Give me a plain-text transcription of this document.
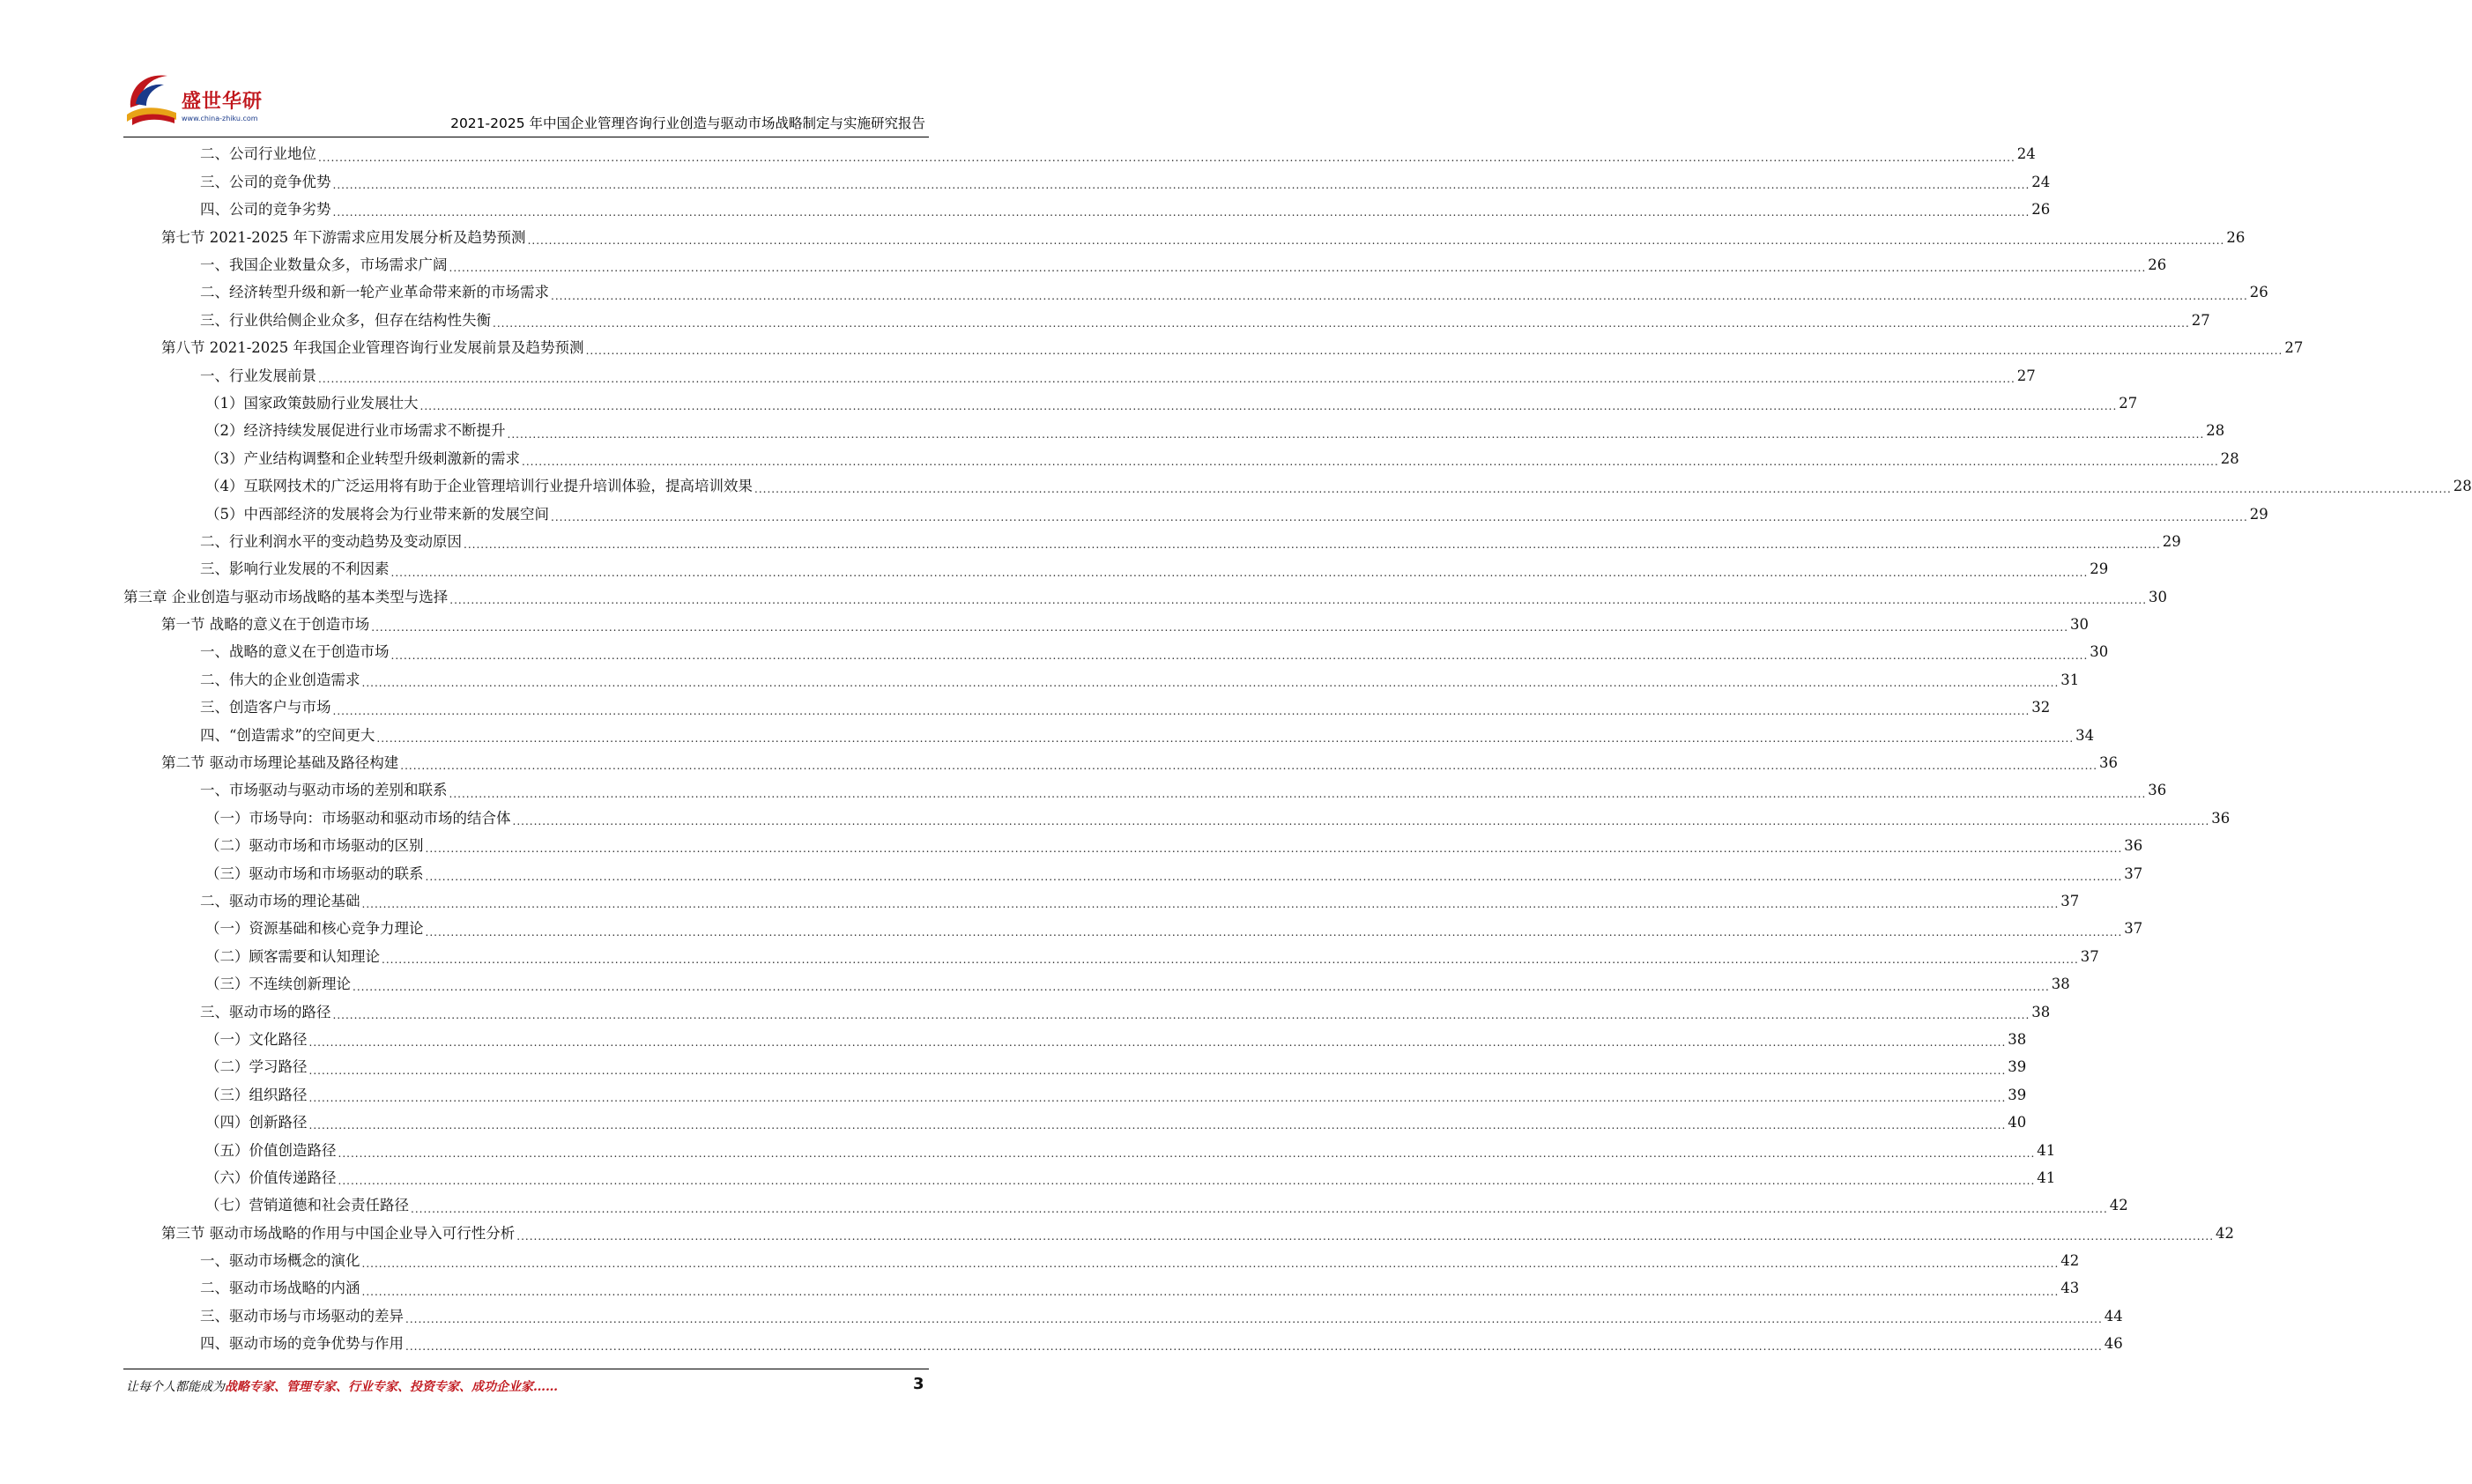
盛世华研
www.china-zhiku.com	2021-2025 年中国企业管理咨询行业创造与驱动市场战略制定与实施研究报告
二、公司行业地位 ................................................................................................................................................................................................................................................................................................................................................................................................................ 24
三、公司的竞争优势 ................................................................................................................................................................................................................................................................................................................................................................................................................ 24
四、公司的竞争劣势 ................................................................................................................................................................................................................................................................................................................................................................................................................ 26
第七节 2021-2025 年下游需求应用发展分析及趋势预测 ................................................................................................................................................................................................................................................................................................................................................................................................................ 26
一、我国企业数量众多，市场需求广阔 ................................................................................................................................................................................................................................................................................................................................................................................................................ 26
二、经济转型升级和新一轮产业革命带来新的市场需求 ................................................................................................................................................................................................................................................................................................................................................................................................................ 26
三、行业供给侧企业众多，但存在结构性失衡 ................................................................................................................................................................................................................................................................................................................................................................................................................ 27
第八节 2021-2025 年我国企业管理咨询行业发展前景及趋势预测 ................................................................................................................................................................................................................................................................................................................................................................................................................ 27
一、行业发展前景 ................................................................................................................................................................................................................................................................................................................................................................................................................ 27
（1）国家政策鼓励行业发展壮大 ................................................................................................................................................................................................................................................................................................................................................................................................................ 27
（2）经济持续发展促进行业市场需求不断提升 ................................................................................................................................................................................................................................................................................................................................................................................................................ 28
（3）产业结构调整和企业转型升级刺激新的需求 ................................................................................................................................................................................................................................................................................................................................................................................................................ 28
（4）互联网技术的广泛运用将有助于企业管理培训行业提升培训体验，提高培训效果 ................................................................................................................................................................................................................................................................................................................................................................................................................ 28
（5）中西部经济的发展将会为行业带来新的发展空间 ................................................................................................................................................................................................................................................................................................................................................................................................................ 29
二、行业利润水平的变动趋势及变动原因 ................................................................................................................................................................................................................................................................................................................................................................................................................ 29
三、影响行业发展的不利因素 ................................................................................................................................................................................................................................................................................................................................................................................................................ 29
第三章 企业创造与驱动市场战略的基本类型与选择 ................................................................................................................................................................................................................................................................................................................................................................................................................ 30
第一节 战略的意义在于创造市场 ................................................................................................................................................................................................................................................................................................................................................................................................................ 30
一、战略的意义在于创造市场 ................................................................................................................................................................................................................................................................................................................................................................................................................ 30
二、伟大的企业创造需求 ................................................................................................................................................................................................................................................................................................................................................................................................................ 31
三、创造客户与市场 ................................................................................................................................................................................................................................................................................................................................................................................................................ 32
四、“创造需求”的空间更大 ................................................................................................................................................................................................................................................................................................................................................................................................................ 34
第二节 驱动市场理论基础及路径构建 ................................................................................................................................................................................................................................................................................................................................................................................................................ 36
一、市场驱动与驱动市场的差别和联系 ................................................................................................................................................................................................................................................................................................................................................................................................................ 36
（一）市场导向：市场驱动和驱动市场的结合体 ................................................................................................................................................................................................................................................................................................................................................................................................................ 36
（二）驱动市场和市场驱动的区别 ................................................................................................................................................................................................................................................................................................................................................................................................................ 36
（三）驱动市场和市场驱动的联系 ................................................................................................................................................................................................................................................................................................................................................................................................................ 37
二、驱动市场的理论基础 ................................................................................................................................................................................................................................................................................................................................................................................................................ 37
（一）资源基础和核心竞争力理论 ................................................................................................................................................................................................................................................................................................................................................................................................................ 37
（二）顾客需要和认知理论 ................................................................................................................................................................................................................................................................................................................................................................................................................ 37
（三）不连续创新理论 ................................................................................................................................................................................................................................................................................................................................................................................................................ 38
三、驱动市场的路径 ................................................................................................................................................................................................................................................................................................................................................................................................................ 38
（一）文化路径 ................................................................................................................................................................................................................................................................................................................................................................................................................ 38
（二）学习路径 ................................................................................................................................................................................................................................................................................................................................................................................................................ 39
（三）组织路径 ................................................................................................................................................................................................................................................................................................................................................................................................................ 39
（四）创新路径 ................................................................................................................................................................................................................................................................................................................................................................................................................ 40
（五）价值创造路径 ................................................................................................................................................................................................................................................................................................................................................................................................................ 41
（六）价值传递路径 ................................................................................................................................................................................................................................................................................................................................................................................................................ 41
（七）营销道德和社会责任路径 ................................................................................................................................................................................................................................................................................................................................................................................................................ 42
第三节 驱动市场战略的作用与中国企业导入可行性分析 ................................................................................................................................................................................................................................................................................................................................................................................................................ 42
一、驱动市场概念的演化 ................................................................................................................................................................................................................................................................................................................................................................................................................ 42
二、驱动市场战略的内涵 ................................................................................................................................................................................................................................................................................................................................................................................................................ 43
三、驱动市场与市场驱动的差异 ................................................................................................................................................................................................................................................................................................................................................................................................................ 44
四、驱动市场的竞争优势与作用 ................................................................................................................................................................................................................................................................................................................................................................................................................ 46
让每个人都能成为战略专家、管理专家、行业专家、投资专家、成功企业家……	3
